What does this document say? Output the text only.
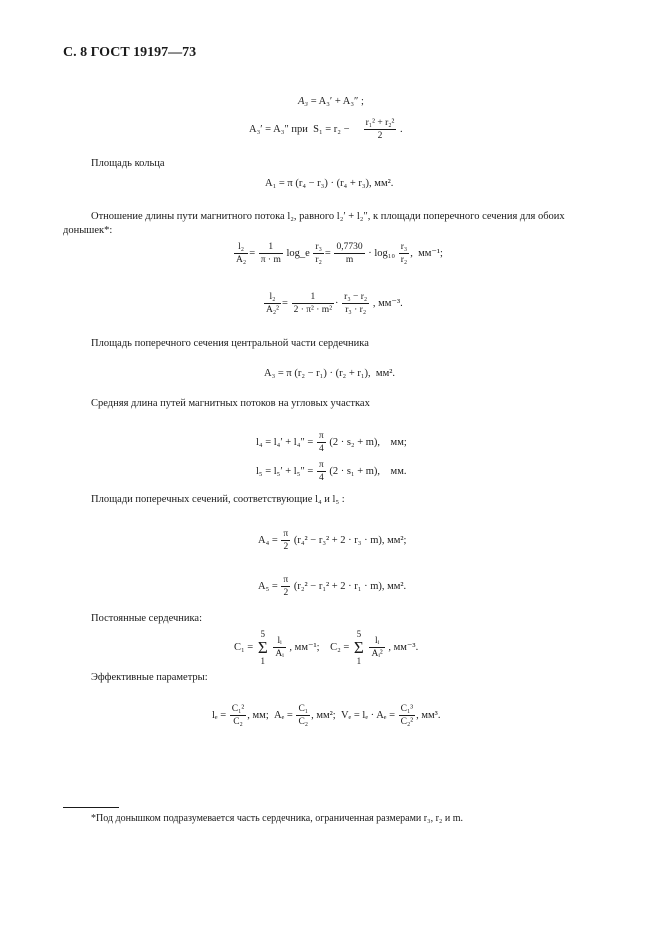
С. 8 ГОСТ 19197—73
A₃ = A₃′ + A₃″ ;
A₃′ = A₃″ при $S_1 = r_2 - \frac{\text{r₁² + r₂²}}{2}$ .
Площадь кольца
A₁ = π (r₄ − r₃) · (r₄ + r₃), мм².
Отношение длины пути магнитного потока l₂, равного l₂′ + l₂″, к площади поперечного сечения для обоих
донышек*:
$\frac{\text{l₂}}{\text{A₂}} = \frac{1}{\pi \cdot m}$ log_e $\frac{\text{r₃}}{\text{r₂}} = \frac{0,7730}{m} \cdot \log_{10} \frac{\text{r₃}}{\text{r₂}}$ ,  мм⁻¹;
$\frac{\text{l₂}}{\text{A₂²}} = \frac{1}{\text{2 · π² · m²}} \cdot \frac{\text{r₃ − r₂}}{\text{r₃ · r₂}}$ , мм⁻³.
Площадь поперечного сечения центральной части сердечника
A₃ = π (r₂ − r₁) · (r₂ + r₁), мм².
Средняя длина путей магнитных потоков на угловых участках
$l_4 = l_4' + l_4'' = \frac{\pi}{4} (2 \cdot s_2 + m)$, мм;
$l_5 = l_5' + l_5'' = \frac{\pi}{4} (2 \cdot s_1 + m)$, мм.
Площади поперечных сечений, соответствующие l₄ и l₅ :
$A_4 = \frac{\pi}{2} (r_4^2 - r_3^2 + 2 \cdot r_3 \cdot m)$, мм²;
$A_5 = \frac{\pi}{2} (r_2^2 - r_1^2 + 2 \cdot r_1 \cdot m)$, мм².
Постоянные сердечника:
C₁ = 5
Σ
1
$\frac{\text{lᵢ}}{\text{Aᵢ}}$ , мм⁻¹; C₂ = 5
Σ
1
$\frac{\text{lᵢ}}{\text{Aᵢ²}}$ , мм⁻³.
Эффективные параметры:
$l_e = \frac{\text{C₁²}}{\text{C₂}}$ , мм; $A_e = \frac{\text{C₁}}{\text{C₂}}$ , мм²; $V_e = l_e \cdot A_e = \frac{\text{C₁³}}{\text{C₂²}}$ , мм³.
*Под донышком подразумевается часть сердечника, ограниченная размерами r₃, r₂ и m.
